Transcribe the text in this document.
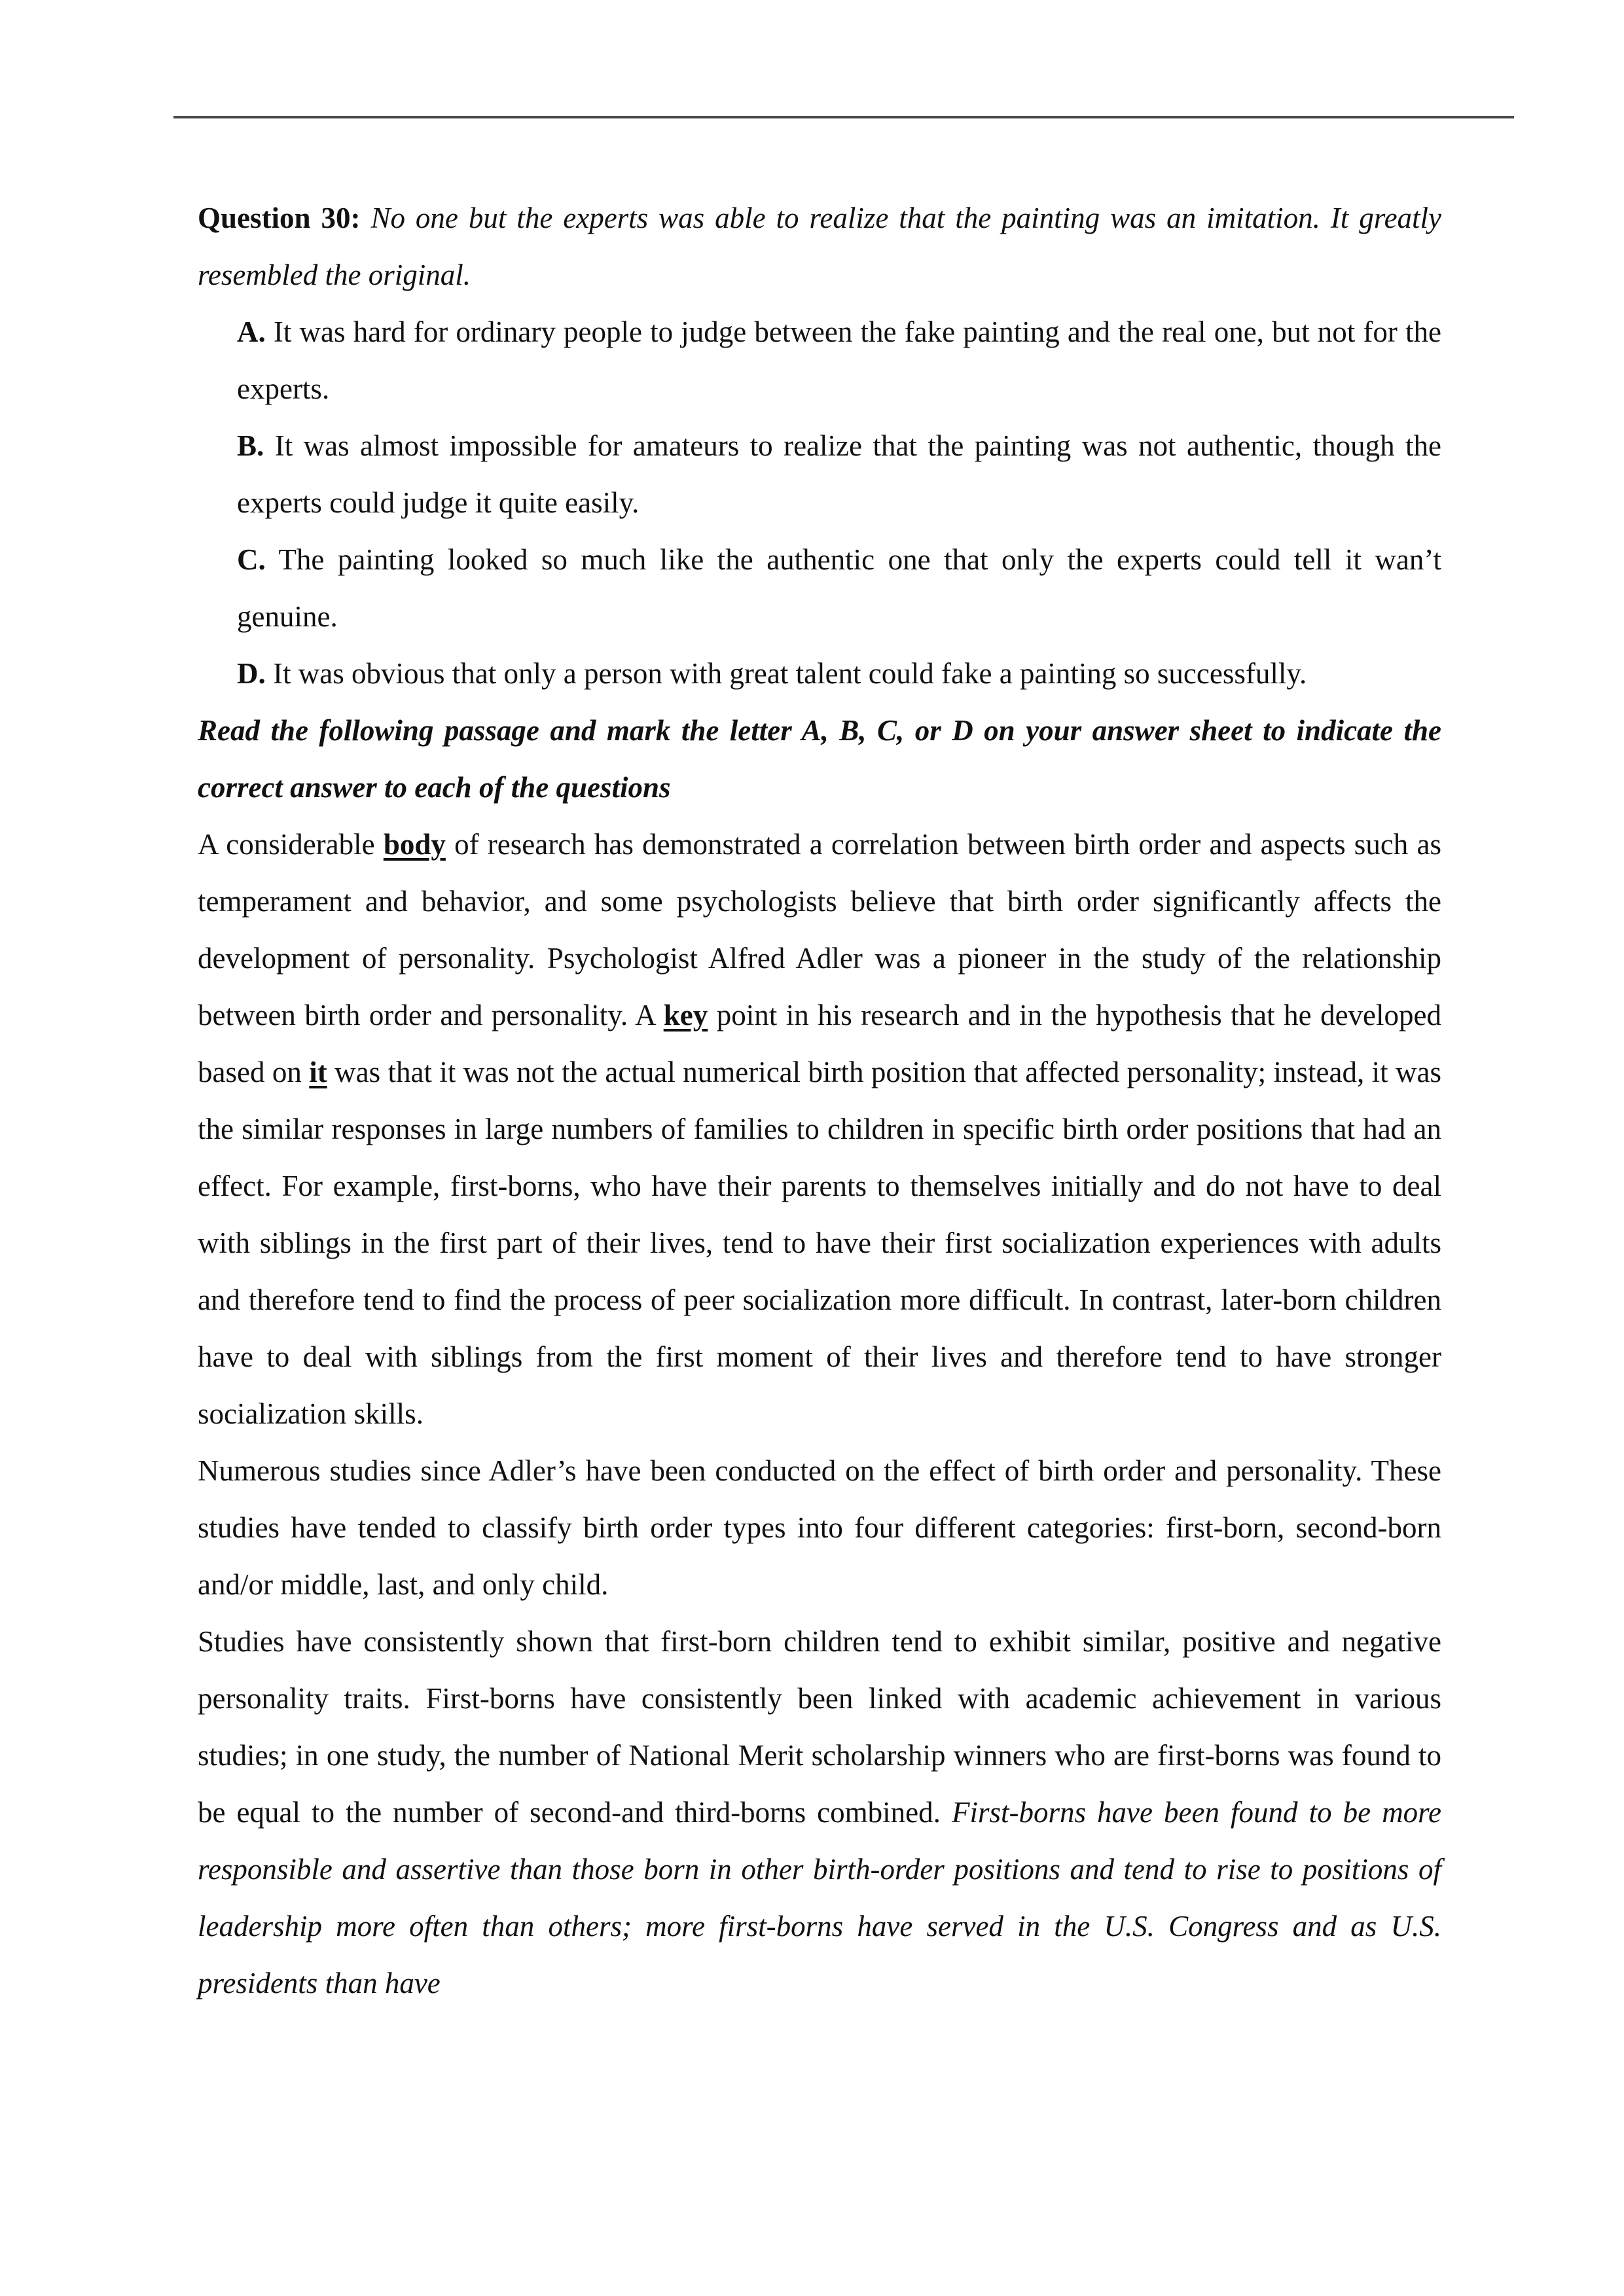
Question 30: No one but the experts was able to realize that the painting was an imitation. It greatly resembled the original.

A. It was hard for ordinary people to judge between the fake painting and the real one, but not for the experts.

B. It was almost impossible for amateurs to realize that the painting was not authentic, though the experts could judge it quite easily.

C. The painting looked so much like the authentic one that only the experts could tell it wan’t genuine.

D. It was obvious that only a person with great talent could fake a painting so successfully.

Read the following passage and mark the letter A, B, C, or D on your answer sheet to indicate the correct answer to each of the questions

A considerable body of research has demonstrated a correlation between birth order and aspects such as temperament and behavior, and some psychologists believe that birth order significantly affects the development of personality. Psychologist Alfred Adler was a pioneer in the study of the relationship between birth order and personality. A key point in his research and in the hypothesis that he developed based on it was that it was not the actual numerical birth position that affected personality; instead, it was the similar responses in large numbers of families to children in specific birth order positions that had an effect. For example, first-borns, who have their parents to themselves initially and do not have to deal with siblings in the first part of their lives, tend to have their first socialization experiences with adults and therefore tend to find the process of peer socialization more difficult. In contrast, later-born children have to deal with siblings from the first moment of their lives and therefore tend to have stronger socialization skills.

Numerous studies since Adler’s have been conducted on the effect of birth order and personality. These studies have tended to classify birth order types into four different categories: first-born, second-born and/or middle, last, and only child.

Studies have consistently shown that first-born children tend to exhibit similar, positive and negative personality traits. First-borns have consistently been linked with academic achievement in various studies; in one study, the number of National Merit scholarship winners who are first-borns was found to be equal to the number of second-and third-borns combined. First-borns have been found to be more responsible and assertive than those born in other birth-order positions and tend to rise to positions of leadership more often than others; more first-borns have served in the U.S. Congress and as U.S. presidents than have
